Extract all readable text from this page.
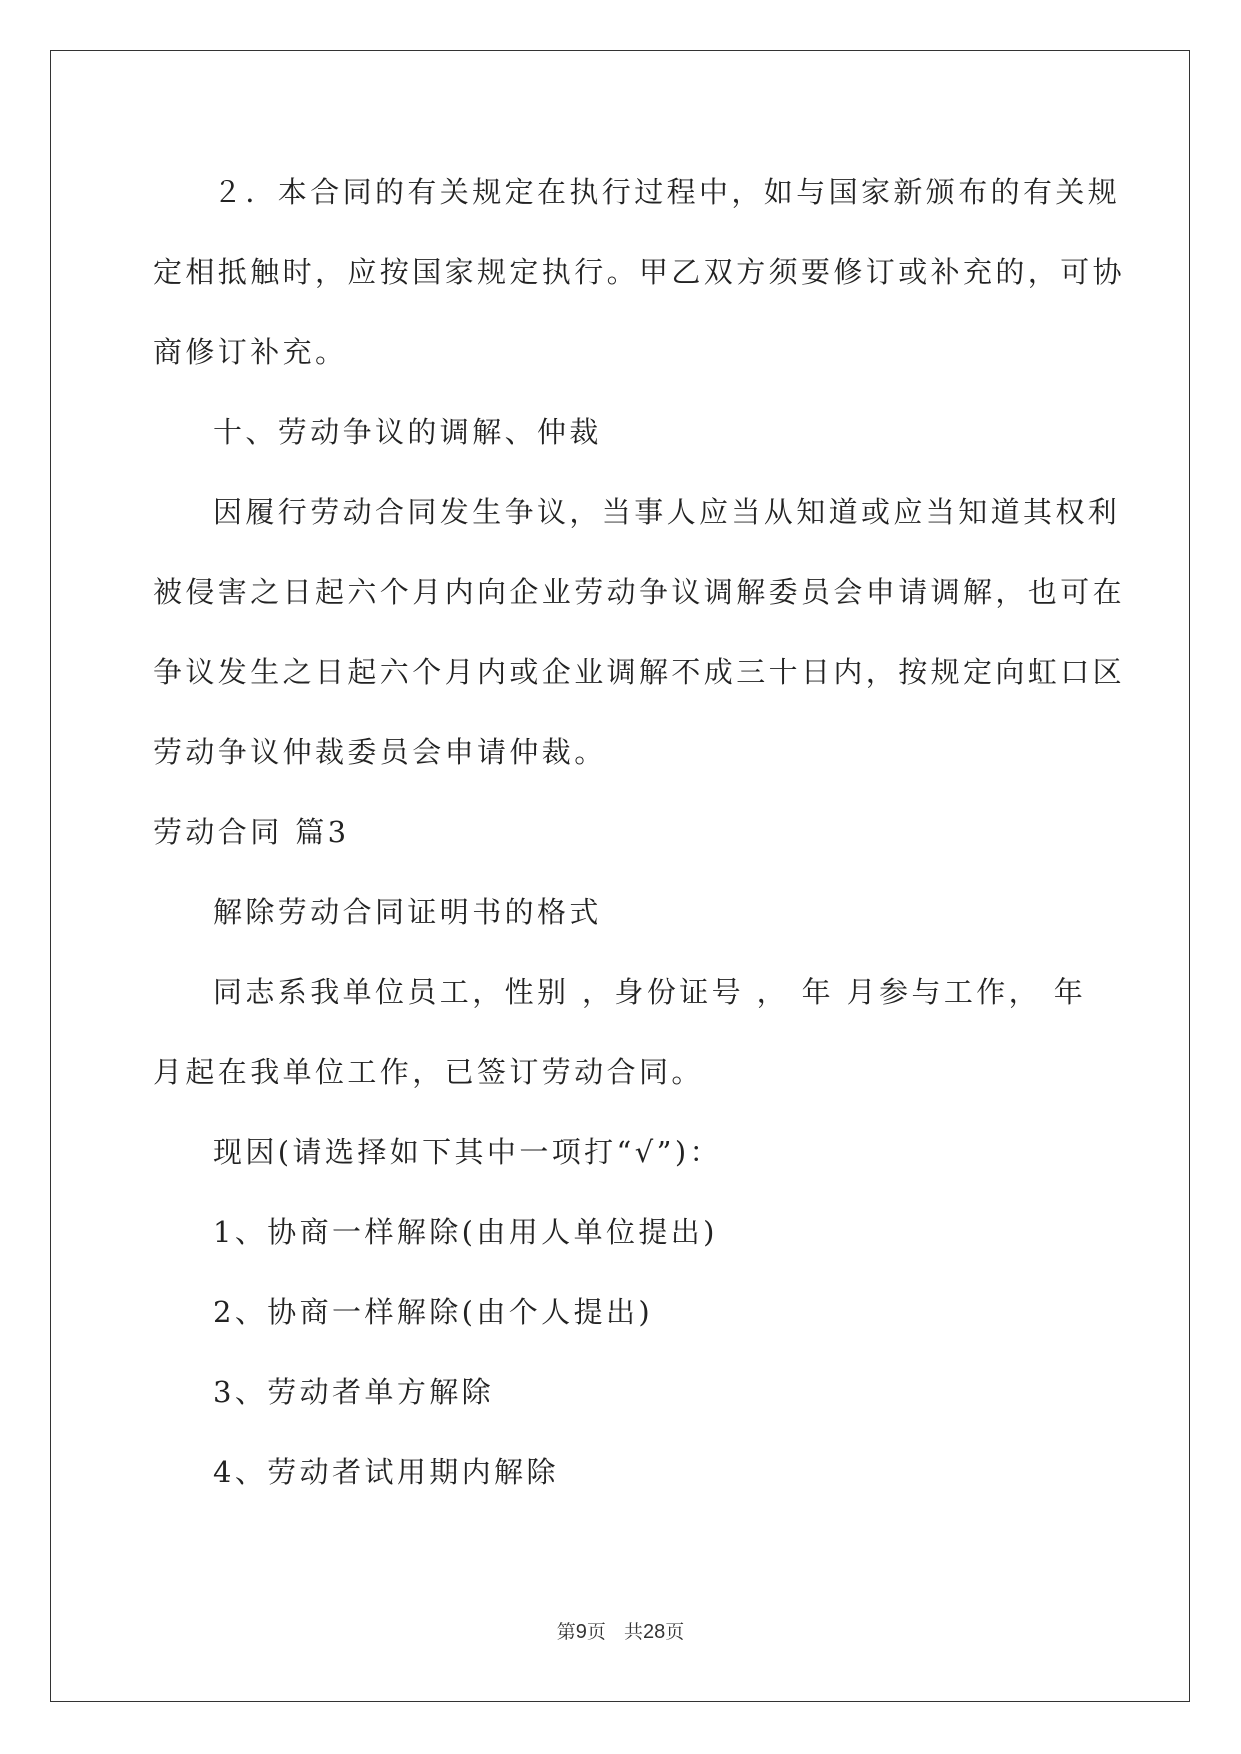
２．本合同的有关规定在执行过程中，如与国家新颁布的有关规
定相抵触时，应按国家规定执行。甲乙双方须要修订或补充的，可协
商修订补充。
十、劳动争议的调解、仲裁
因履行劳动合同发生争议，当事人应当从知道或应当知道其权利
被侵害之日起六个月内向企业劳动争议调解委员会申请调解，也可在
争议发生之日起六个月内或企业调解不成三十日内，按规定向虹口区
劳动争议仲裁委员会申请仲裁。
劳动合同 篇3
解除劳动合同证明书的格式
同志系我单位员工，性别 ，身份证号 ， 年 月参与工作， 年
月起在我单位工作，已签订劳动合同。
现因(请选择如下其中一项打“√”)：
1、协商一样解除(由用人单位提出)
2、协商一样解除(由个人提出)
3、劳动者单方解除
4、劳动者试用期内解除
第9页 共28页
